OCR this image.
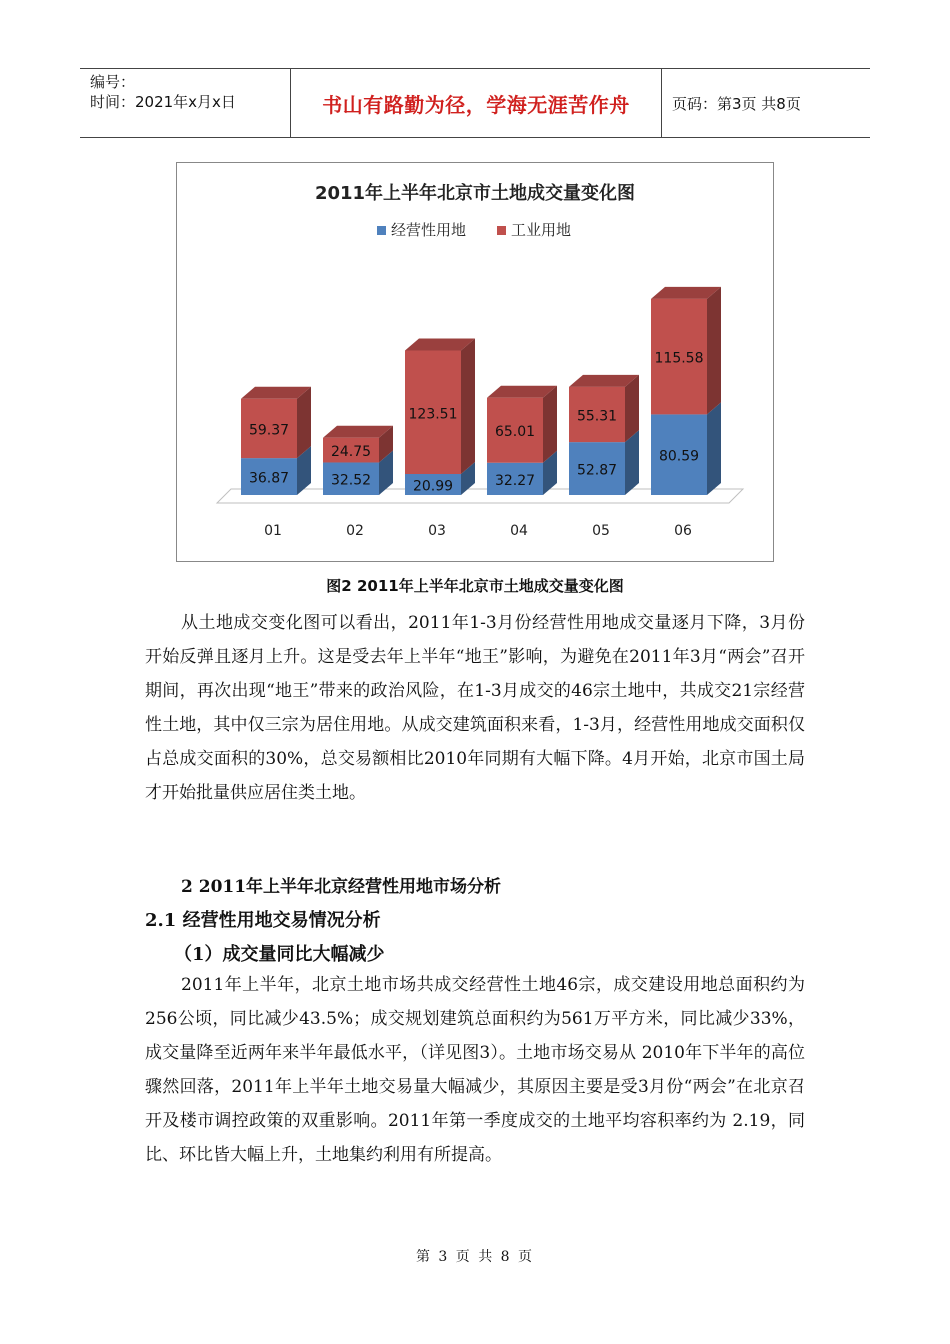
编号：
时间：2021年x月x日	书山有路勤为径，学海无涯苦作舟	页码：第3页 共8页
2011年上半年北京市土地成交量变化图
经营性用地	工业用地
36.87
59.37
01
32.52
24.75
02
20.99
123.51
03
32.27
65.01
04
52.87
55.31
05
80.59
115.58
06
图2 2011年上半年北京市土地成交量变化图
从土地成交变化图可以看出，2011年1-3月份经营性用地成交量逐月下降，3月份开始反弹且逐月上升。这是受去年上半年“地王”影响，为避免在2011年3月“两会”召开期间，再次出现“地王”带来的政治风险，在1-3月成交的46宗土地中，共成交21宗经营性土地，其中仅三宗为居住用地。从成交建筑面积来看，1-3月，经营性用地成交面积仅占总成交面积的30%，总交易额相比2010年同期有大幅下降。4月开始，北京市国土局才开始批量供应居住类土地。
2 2011年上半年北京经营性用地市场分析
2.1 经营性用地交易情况分析
（1）成交量同比大幅减少
2011年上半年，北京土地市场共成交经营性土地46宗，成交建设用地总面积约为256公顷，同比减少43.5%；成交规划建筑总面积约为561万平方米，同比减少33%，成交量降至近两年来半年最低水平，（详见图3）。土地市场交易从 2010年下半年的高位骤然回落，2011年上半年土地交易量大幅减少，其原因主要是受3月份“两会”在北京召开及楼市调控政策的双重影响。2011年第一季度成交的土地平均容积率约为 2.19，同比、环比皆大幅上升，土地集约利用有所提高。
第 3 页 共 8 页
